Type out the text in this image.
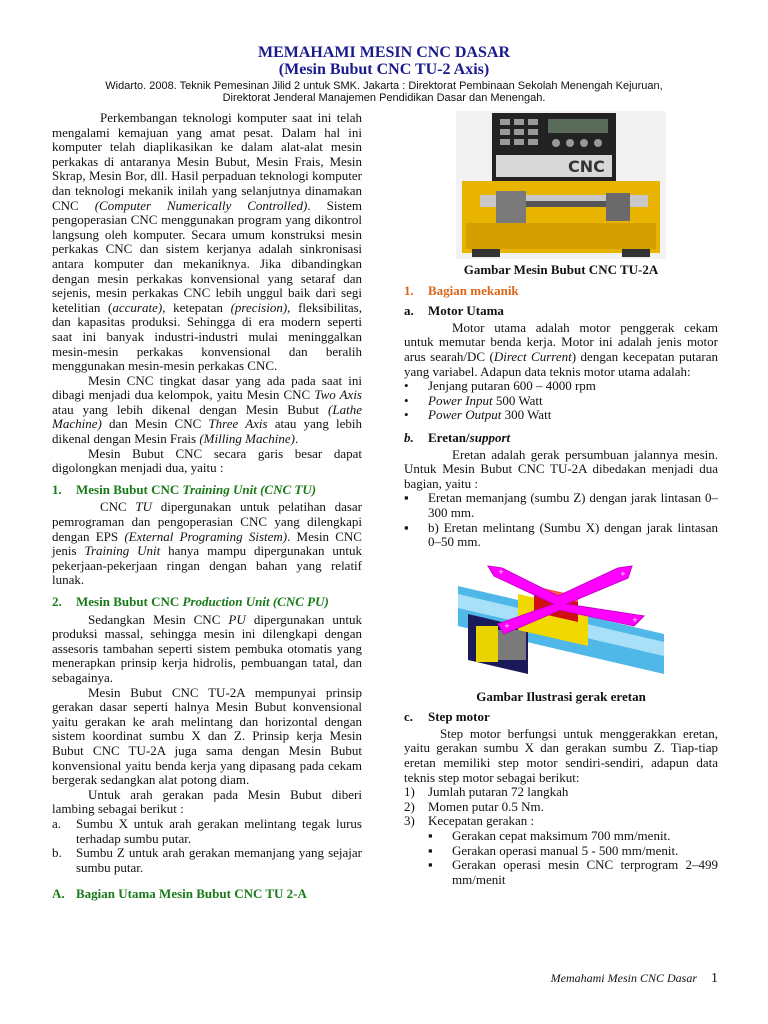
MEMAHAMI MESIN CNC DASAR
(Mesin Bubut CNC TU-2 Axis)
Widarto. 2008. Teknik Pemesinan Jilid 2 untuk SMK. Jakarta : Direktorat Pembinaan Sekolah Menengah Kejuruan,
Direktorat Jenderal Manajemen Pendidikan Dasar dan Menengah.

Perkembangan teknologi komputer saat ini telah mengalami kemajuan yang amat pesat. Dalam hal ini komputer telah diaplikasikan ke dalam alat-alat mesin perkakas di antaranya Mesin Bubut, Mesin Frais, Mesin Skrap, Mesin Bor, dll. Hasil perpaduan teknologi komputer dan teknologi mekanik inilah yang selanjutnya dinamakan CNC (Computer Numerically Controlled). Sistem pengoperasian CNC menggunakan program yang dikontrol langsung oleh komputer. Secara umum konstruksi mesin perkakas CNC dan sistem kerjanya adalah sinkronisasi antara komputer dan mekaniknya. Jika dibandingkan dengan mesin perkakas konvensional yang setaraf dan sejenis, mesin perkakas CNC lebih unggul baik dari segi ketelitian (accurate), ketepatan (precision), fleksibilitas, dan kapasitas produksi. Sehingga di era modern seperti saat ini banyak industri-industri mulai meninggalkan mesin-mesin perkakas konvensional dan beralih menggunakan mesin-mesin perkakas CNC.

Mesin CNC tingkat dasar yang ada pada saat ini dibagi menjadi dua kelompok, yaitu Mesin CNC Two Axis atau yang lebih dikenal dengan Mesin Bubut (Lathe Machine) dan Mesin CNC Three Axis atau yang lebih dikenal dengan Mesin Frais (Milling Machine).

Mesin Bubut CNC secara garis besar dapat digolongkan menjadi dua, yaitu :

1.	Mesin Bubut CNC Training Unit (CNC TU)

CNC TU dipergunakan untuk pelatihan dasar pemrograman dan pengoperasian CNC yang dilengkapi dengan EPS (External Programing Sistem). Mesin CNC jenis Training Unit hanya mampu dipergunakan untuk pekerjaan-pekerjaan ringan dengan bahan yang relatif lunak.

2.	Mesin Bubut CNC Production Unit (CNC PU)

Sedangkan Mesin CNC PU dipergunakan untuk produksi massal, sehingga mesin ini dilengkapi dengan assesoris tambahan seperti sistem pembuka otomatis yang menerapkan prinsip kerja hidrolis, pembuangan tatal, dan sebagainya.

Mesin Bubut CNC TU-2A mempunyai prinsip gerakan dasar seperti halnya Mesin Bubut konvensional yaitu gerakan ke arah melintang dan horizontal dengan sistem koordinat sumbu X dan Z. Prinsip kerja Mesin Bubut CNC TU-2A juga sama dengan Mesin Bubut konvensional yaitu benda kerja yang dipasang pada cekam bergerak sedangkan alat potong diam.

Untuk arah gerakan pada Mesin Bubut diberi lambing sebagai berikut :

a.	Sumbu X untuk arah gerakan melintang tegak lurus terhadap sumbu putar.
b.	Sumbu Z untuk arah gerakan memanjang yang sejajar sumbu putar.
A. Bagian Utama Mesin Bubut CNC TU 2-A
CNC
Gambar Mesin Bubut CNC TU-2A
1.	Bagian mekanik
a.	Motor Utama

Motor utama adalah motor penggerak cekam untuk memutar benda kerja. Motor ini adalah jenis motor arus searah/DC (Direct Current) dengan kecepatan putaran yang variabel. Adapun data teknis motor utama adalah:

•	Jenjang putaran 600 – 4000 rpm
•	Power Input 500 Watt
•	Power Output 300 Watt
b.	Eretan/support

Eretan adalah gerak persumbuan jalannya mesin. Untuk Mesin Bubut CNC TU-2A dibedakan menjadi dua bagian, yaitu :

▪	Eretan memanjang (sumbu Z) dengan jarak lintasan 0–300 mm.
▪	b) Eretan melintang (Sumbu X) dengan jarak lintasan 0–50 mm.
+	+
+
+
Gambar Ilustrasi gerak eretan
c.	Step motor

Step motor berfungsi untuk menggerakkan eretan, yaitu gerakan sumbu X dan gerakan sumbu Z. Tiap-tiap eretan memiliki step motor sendiri-sendiri, adapun data teknis step motor sebagai berikut:

1)	Jumlah putaran 72 langkah
2)	Momen putar 0.5 Nm.
3)	Kecepatan gerakan :
▪	Gerakan cepat maksimum 700 mm/menit.
▪	Gerakan operasi manual 5 - 500 mm/menit.
▪	Gerakan operasi mesin CNC terprogram 2–499 mm/menit
Memahami Mesin CNC Dasar 1
